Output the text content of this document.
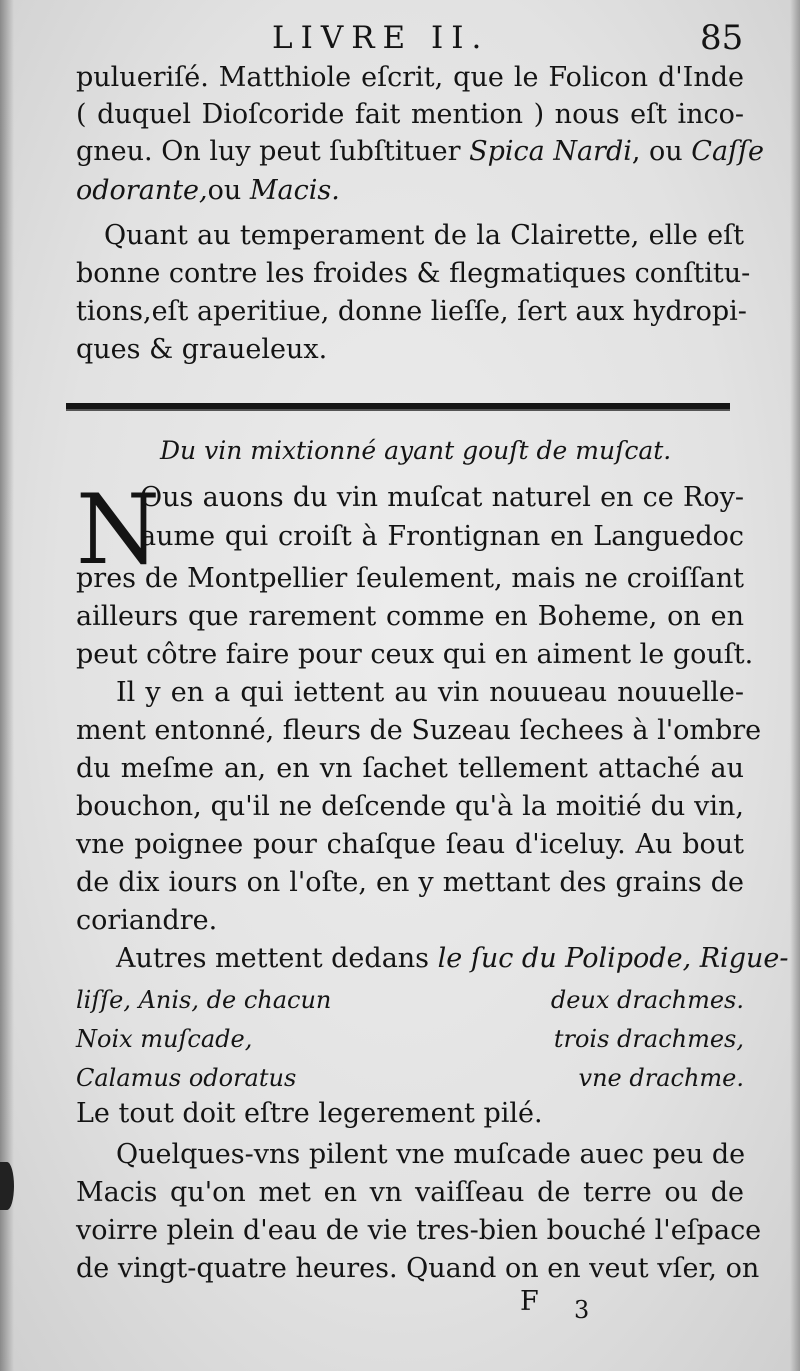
LIVRE II.	85
pulueriſé. Matthiole eſcrit, que le Folicon d'Inde
( duquel Dioſcoride fait mention ) nous eſt inco-
gneu. On luy peut ſubſtituer Spica Nardi, ou Caſſe
odorante,ou Macis.
Quant au temperament de la Clairette, elle eſt
bonne contre les froides & flegmatiques conſtitu-
tions,eſt aperitiue, donne lieſſe, ſert aux hydropi-
ques & graueleux.
Du vin mixtionné ayant gouſt de muſcat.
N
Ous auons du vin muſcat naturel en ce Roy-
aume qui croiſt à Frontignan en Languedoc
pres de Montpellier ſeulement, mais ne croiſſant
ailleurs que rarement comme en Boheme, on en
peut côtre faire pour ceux qui en aiment le gouſt.
Il y en a qui iettent au vin nouueau nouuelle-
ment entonné, fleurs de Suzeau ſechees à l'ombre
du meſme an, en vn ſachet tellement attaché au
bouchon, qu'il ne deſcende qu'à la moitié du vin,
vne poignee pour chaſque ſeau d'iceluy. Au bout
de dix iours on l'oſte, en y mettant des grains de
coriandre.
Autres mettent dedans le ſuc du Polipode, Rigue-
liſſe, Anis, de chacun	deux drachmes.
Noix muſcade,	trois drachmes,
Calamus odoratus	vne drachme.
Le tout doit eſtre legerement pilé.
Quelques-vns pilent vne muſcade auec peu de
Macis qu'on met en vn vaiſſeau de terre ou de
voirre plein d'eau de vie tres-bien bouché l'eſpace
de vingt-quatre heures. Quand on en veut vſer, on
F 3
